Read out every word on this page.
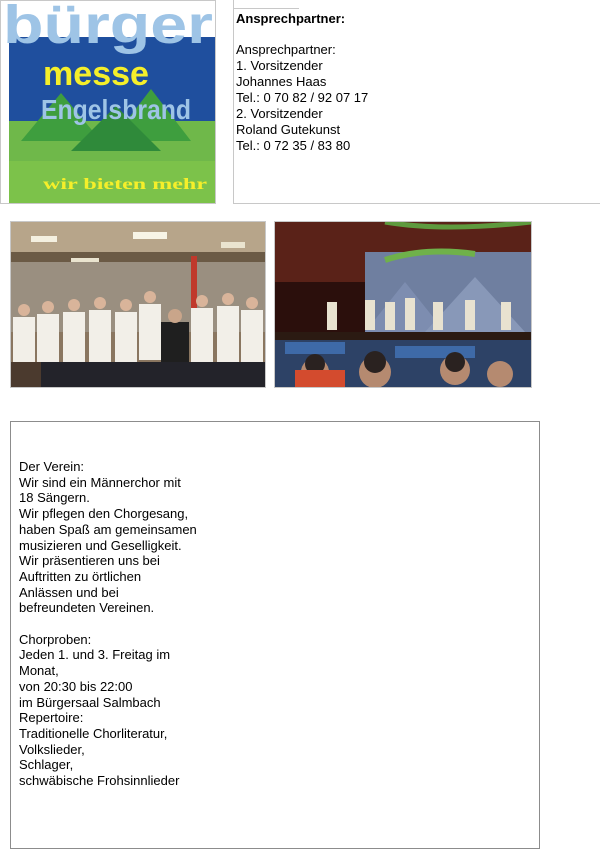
bürger
messe
Engelsbrand
wir bieten mehr
Ansprechpartner:
Ansprechpartner:
1. Vorsitzender
Johannes Haas
Tel.: 0 70 82 / 92 07 17
2. Vorsitzender
Roland Gutekunst
Tel.: 0 72 35 / 83 80
Der Verein:
Wir sind ein Männerchor mit
18 Sängern.
Wir pflegen den Chorgesang,
haben Spaß am gemeinsamen
musizieren und Geselligkeit.
Wir präsentieren uns bei
Auftritten zu örtlichen
Anlässen und bei
befreundeten Vereinen.
Chorproben:
Jeden 1. und 3. Freitag im
Monat,
von 20:30 bis 22:00
im Bürgersaal Salmbach
Repertoire:
Traditionelle Chorliteratur,
Volkslieder,
Schlager,
schwäbische Frohsinnlieder
